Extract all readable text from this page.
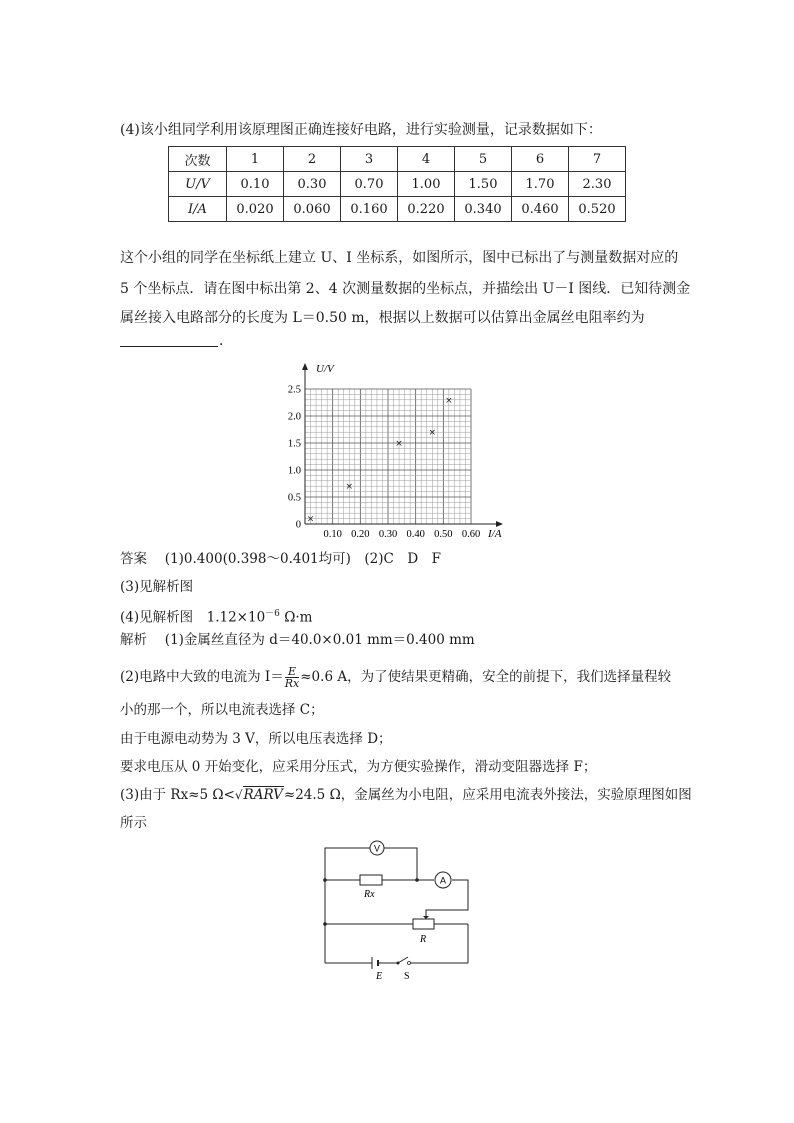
(4)该小组同学利用该原理图正确连接好电路，进行实验测量，记录数据如下：
次数	1	2	3	4	5	6	7
U/V	0.10	0.30	0.70	1.00	1.50	1.70	2.30
I/A	0.020	0.060	0.160	0.220	0.340	0.460	0.520
这个小组的同学在坐标纸上建立 U、I 坐标系，如图所示，图中已标出了与测量数据对应的
5 个坐标点．请在图中标出第 2、4 次测量数据的坐标点，并描绘出 U－I 图线．已知待测金
属丝接入电路部分的长度为 L＝0.50 m，根据以上数据可以估算出金属丝电阻率约为
．
0.10 0.20 0.30 0.40 0.50 0.60
0
0.5
1.0
1.5
2.0
2.5
×
×
×
×
×
U/V
I/A
答案　 (1)0.400(0.398～0.401均可)　(2)C　D　F
(3)见解析图
(4)见解析图　$1.12\times 10^{-6}$ Ω·m
解析　 (1)金属丝直径为 d＝40.0×0.01 mm＝0.400 mm
(2)电路中大致的电流为 $I= \frac{E}{Rx} \approx 0.6$ A，为了使结果更精确，安全的前提下，我们选择量程较
小的那一个，所以电流表选择 C；
由于电源电动势为 3 V，所以电压表选择 D；
要求电压从 0 开始变化，应采用分压式，为方便实验操作，滑动变阻器选择 F；
(3)由于 Rx≈5 Ω<√RARV≈24.5 Ω，金属丝为小电阻，应采用电流表外接法，实验原理图如图
所示
V
Rx
A
R
E S
